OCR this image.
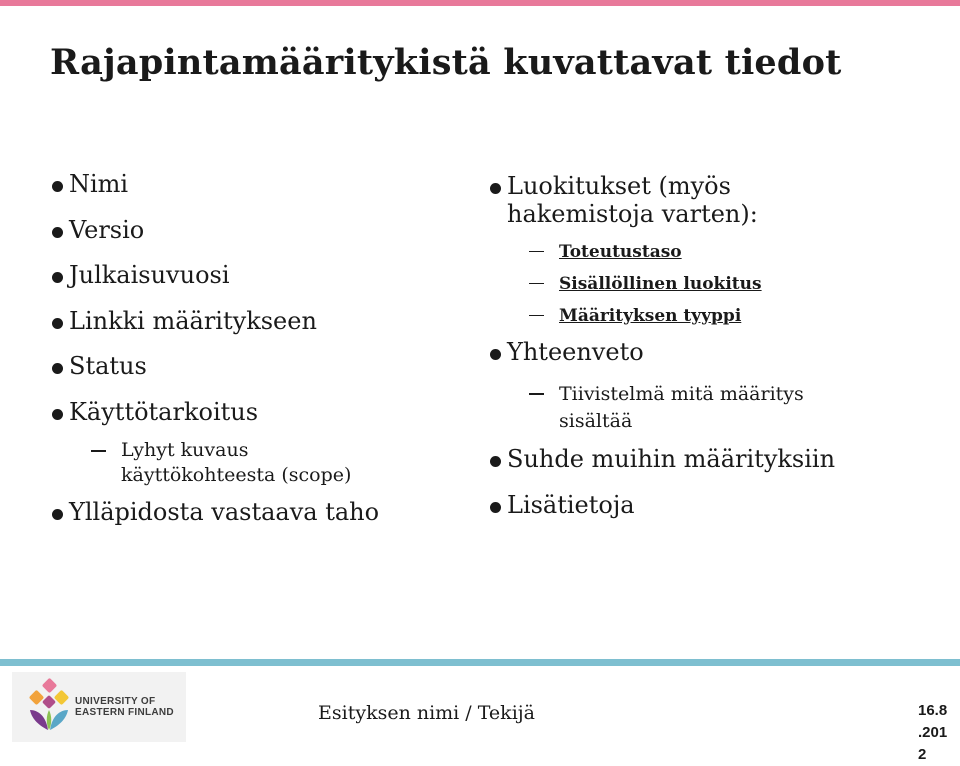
Rajapintamääritykistä kuvattavat tiedot
Nimi
Versio
Julkaisuvuosi
Linkki määritykseen
Status
Käyttötarkoitus
Lyhyt kuvaus
käyttökohteesta (scope)
Ylläpidosta vastaava taho
Luokitukset (myös
hakemistoja varten):
Toteutustaso
Sisällöllinen luokitus
Määrityksen tyyppi
Yhteenveto
Tiivistelmä mitä määritys
sisältää
Suhde muihin määrityksiin
Lisätietoja
UNIVERSITY OF
EASTERN FINLAND	Esityksen nimi / Tekijä	16.8
.201
2
